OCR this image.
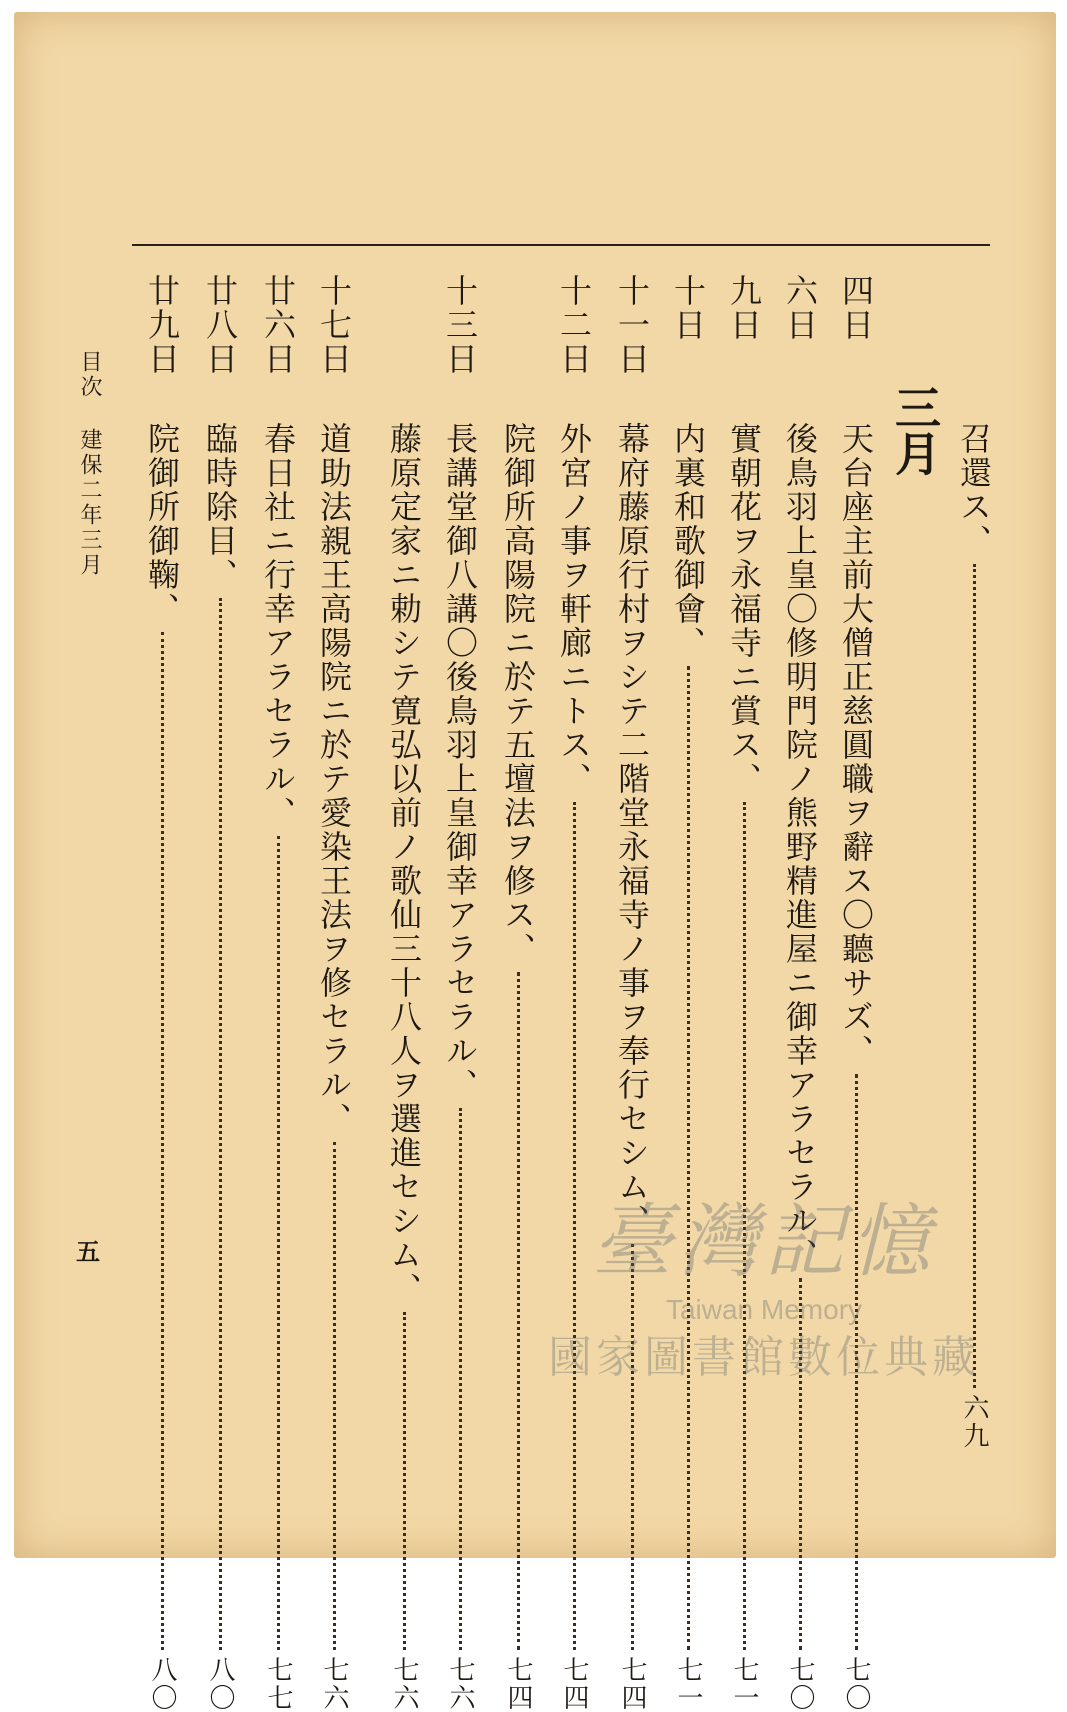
召還ス、
六九
三月
四日
天台座主前大僧正慈圓職ヲ辭ス〇聽サズ、
七〇
六日
後鳥羽上皇〇修明門院ノ熊野精進屋ニ御幸アラセラル、
七〇
九日
實朝花ヲ永福寺ニ賞ス、
七一
十日
内裏和歌御會、
七一
十一日
幕府藤原行村ヲシテ二階堂永福寺ノ事ヲ奉行セシム、
七四
十二日
外宮ノ事ヲ軒廊ニトス、
七四
院御所高陽院ニ於テ五壇法ヲ修ス、
七四
十三日
長講堂御八講〇後鳥羽上皇御幸アラセラル、
七六
藤原定家ニ勅シテ寛弘以前ノ歌仙三十八人ヲ選進セシム、
七六
十七日
道助法親王高陽院ニ於テ愛染王法ヲ修セラル、
七六
廿六日
春日社ニ行幸アラセラル、
七七
廿八日
臨時除目、
八〇
廿九日
院御所御鞠、
八〇
目次 建保二年三月
五	臺灣記憶
Taiwan Memory
國家圖書館數位典藏
